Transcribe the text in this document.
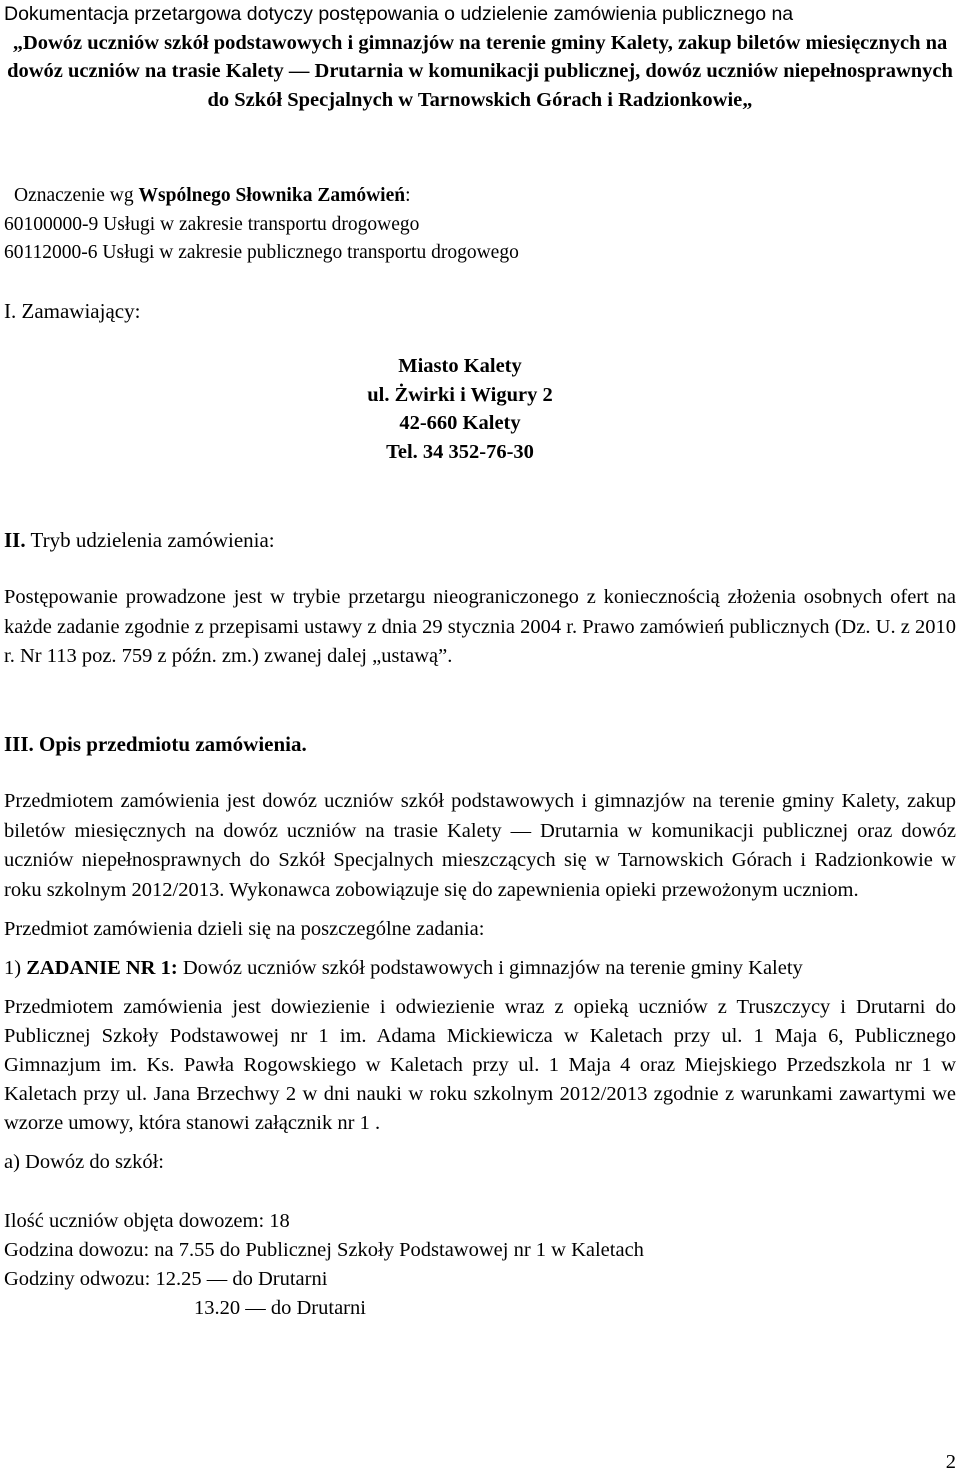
Dokumentacja przetargowa dotyczy postępowania o udzielenie zamówienia publicznego na

„Dowóz uczniów szkół podstawowych i gimnazjów na terenie gminy Kalety, zakup biletów miesięcznych na dowóz uczniów na trasie Kalety — Drutarnia w komunikacji publicznej, dowóz uczniów niepełnosprawnych do Szkół Specjalnych w Tarnowskich Górach i Radzionkowie„

Oznaczenie wg Wspólnego Słownika Zamówień:

60100000-9 Usługi w zakresie transportu drogowego

60112000-6 Usługi w zakresie publicznego transportu drogowego

I. Zamawiający:

Miasto Kalety

ul. Żwirki i Wigury 2

42-660 Kalety

Tel. 34 352-76-30

II. Tryb udzielenia zamówienia:

Postępowanie prowadzone jest w trybie przetargu nieograniczonego z koniecznością złożenia osobnych ofert na każde zadanie zgodnie z przepisami ustawy z dnia 29 stycznia 2004 r. Prawo zamówień publicznych (Dz. U. z 2010 r. Nr 113 poz. 759 z późn. zm.) zwanej dalej „ustawą”.

III. Opis przedmiotu zamówienia.

Przedmiotem zamówienia jest dowóz uczniów szkół podstawowych i gimnazjów na terenie gminy Kalety, zakup biletów miesięcznych na dowóz uczniów na trasie Kalety — Drutarnia w komunikacji publicznej oraz dowóz uczniów niepełnosprawnych do Szkół Specjalnych mieszczących się w Tarnowskich Górach i Radzionkowie w roku szkolnym 2012/2013. Wykonawca zobowiązuje się do zapewnienia opieki przewożonym uczniom.

Przedmiot zamówienia dzieli się na poszczególne zadania:

1) ZADANIE NR 1: Dowóz uczniów szkół podstawowych i gimnazjów na terenie gminy Kalety

Przedmiotem zamówienia jest dowiezienie i odwiezienie wraz z opieką uczniów z Truszczycy i Drutarni do Publicznej Szkoły Podstawowej nr 1 im. Adama Mickiewicza w Kaletach przy ul. 1 Maja 6, Publicznego Gimnazjum im. Ks. Pawła Rogowskiego w Kaletach przy ul. 1 Maja 4 oraz Miejskiego Przedszkola nr 1 w Kaletach przy ul. Jana Brzechwy 2 w dni nauki w roku szkolnym 2012/2013 zgodnie z warunkami zawartymi we wzorze umowy, która stanowi załącznik nr 1 .

a) Dowóz do szkół:

Ilość uczniów objęta dowozem: 18

Godzina dowozu: na 7.55 do Publicznej Szkoły Podstawowej nr 1 w Kaletach

Godziny odwozu: 12.25 — do Drutarni

13.20 — do Drutarni

2
